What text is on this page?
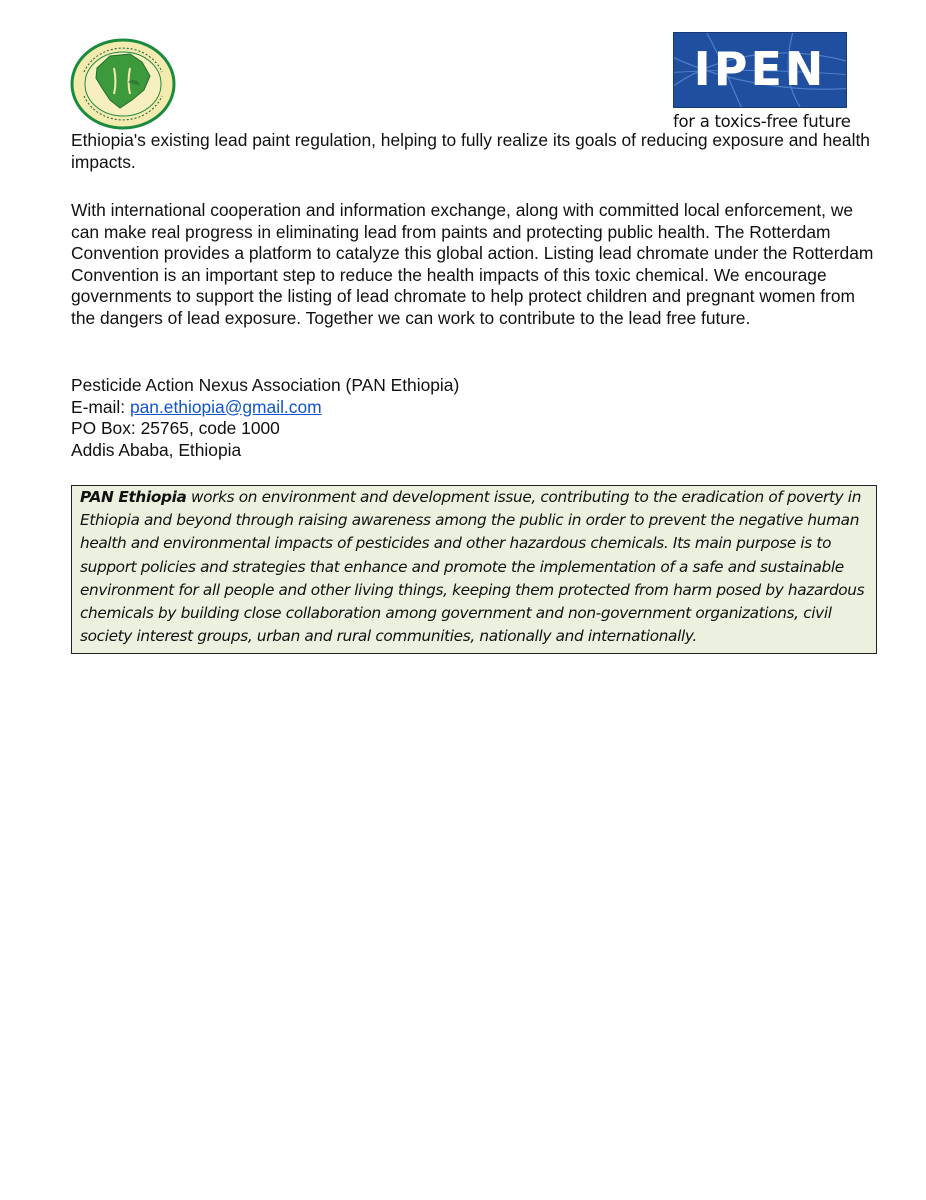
IPEN
for a toxics-free future

Ethiopia's existing lead paint regulation, helping to fully realize its goals of reducing exposure and health impacts.

With international cooperation and information exchange, along with committed local enforcement, we can make real progress in eliminating lead from paints and protecting public health. The Rotterdam Convention provides a platform to catalyze this global action. Listing lead chromate under the Rotterdam Convention is an important step to reduce the health impacts of this toxic chemical. We encourage governments to support the listing of lead chromate to help protect children and pregnant women from the dangers of lead exposure. Together we can work to contribute to the lead free future.

Pesticide Action Nexus Association (PAN Ethiopia)
E-mail: pan.ethiopia@gmail.com
PO Box: 25765, code 1000
Addis Ababa, Ethiopia
PAN Ethiopia works on environment and development issue, contributing to the eradication of poverty in Ethiopia and beyond through raising awareness among the public in order to prevent the negative human health and environmental impacts of pesticides and other hazardous chemicals. Its main purpose is to support policies and strategies that enhance and promote the implementation of a safe and sustainable environment for all people and other living things, keeping them protected from harm posed by hazardous chemicals by building close collaboration among government and non-government organizations, civil society interest groups, urban and rural communities, nationally and internationally.
